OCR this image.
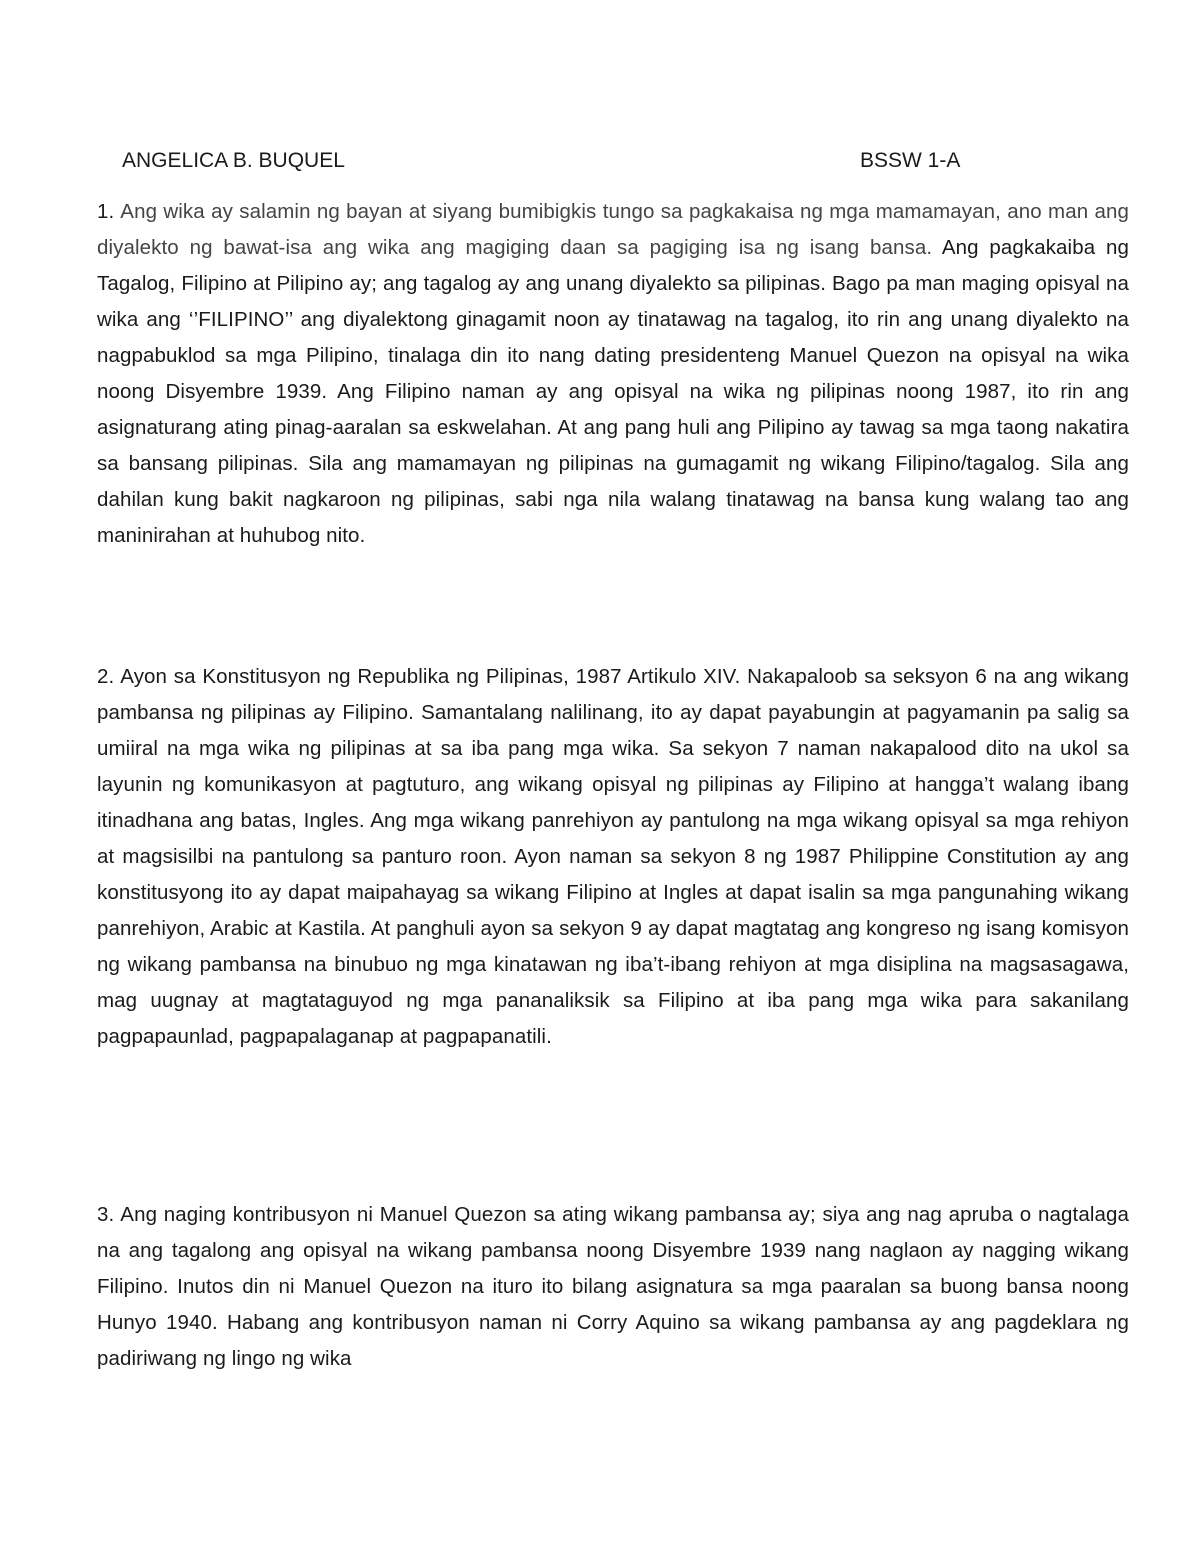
ANGELICA B. BUQUEL	BSSW 1-A

1. Ang wika ay salamin ng bayan at siyang bumibigkis tungo sa pagkakaisa ng mga mamamayan, ano man ang diyalekto ng bawat-isa ang wika ang magiging daan sa pagiging isa ng isang bansa. Ang pagkakaiba ng Tagalog, Filipino at Pilipino ay; ang tagalog ay ang unang diyalekto sa pilipinas. Bago pa man maging opisyal na wika ang ‘’FILIPINO’’ ang diyalektong ginagamit noon ay tinatawag na tagalog, ito rin ang unang diyalekto na nagpabuklod sa mga Pilipino, tinalaga din ito nang dating presidenteng Manuel Quezon na opisyal na wika noong Disyembre 1939. Ang Filipino naman ay ang opisyal na wika ng pilipinas noong 1987, ito rin ang asignaturang ating pinag-aaralan sa eskwelahan. At ang pang huli ang Pilipino ay tawag sa mga taong nakatira sa bansang pilipinas. Sila ang mamamayan ng pilipinas na gumagamit ng wikang Filipino/tagalog. Sila ang dahilan kung bakit nagkaroon ng pilipinas, sabi nga nila walang tinatawag na bansa kung walang tao ang maninirahan at huhubog nito.

2. Ayon sa Konstitusyon ng Republika ng Pilipinas, 1987 Artikulo XIV. Nakapaloob sa seksyon 6 na ang wikang pambansa ng pilipinas ay Filipino. Samantalang nalilinang, ito ay dapat payabungin at pagyamanin pa salig sa umiiral na mga wika ng pilipinas at sa iba pang mga wika. Sa sekyon 7 naman nakapalood dito na ukol sa layunin ng komunikasyon at pagtuturo, ang wikang opisyal ng pilipinas ay Filipino at hangga’t walang ibang itinadhana ang batas, Ingles. Ang mga wikang panrehiyon ay pantulong na mga wikang opisyal sa mga rehiyon at magsisilbi na pantulong sa panturo roon. Ayon naman sa sekyon 8 ng 1987 Philippine Constitution ay ang konstitusyong ito ay dapat maipahayag sa wikang Filipino at Ingles at dapat isalin sa mga pangunahing wikang panrehiyon, Arabic at Kastila. At panghuli ayon sa sekyon 9 ay dapat magtatag ang kongreso ng isang komisyon ng wikang pambansa na binubuo ng mga kinatawan ng iba’t-ibang rehiyon at mga disiplina na magsasagawa, mag uugnay at magtataguyod ng mga pananaliksik sa Filipino at iba pang mga wika para sakanilang pagpapaunlad, pagpapalaganap at pagpapanatili.

3. Ang naging kontribusyon ni Manuel Quezon sa ating wikang pambansa ay; siya ang nag apruba o nagtalaga na ang tagalong ang opisyal na wikang pambansa noong Disyembre 1939 nang naglaon ay nagging wikang Filipino. Inutos din ni Manuel Quezon na ituro ito bilang asignatura sa mga paaralan sa buong bansa noong Hunyo 1940. Habang ang kontribusyon naman ni Corry Aquino sa wikang pambansa ay ang pagdeklara ng padiriwang ng lingo ng wika
